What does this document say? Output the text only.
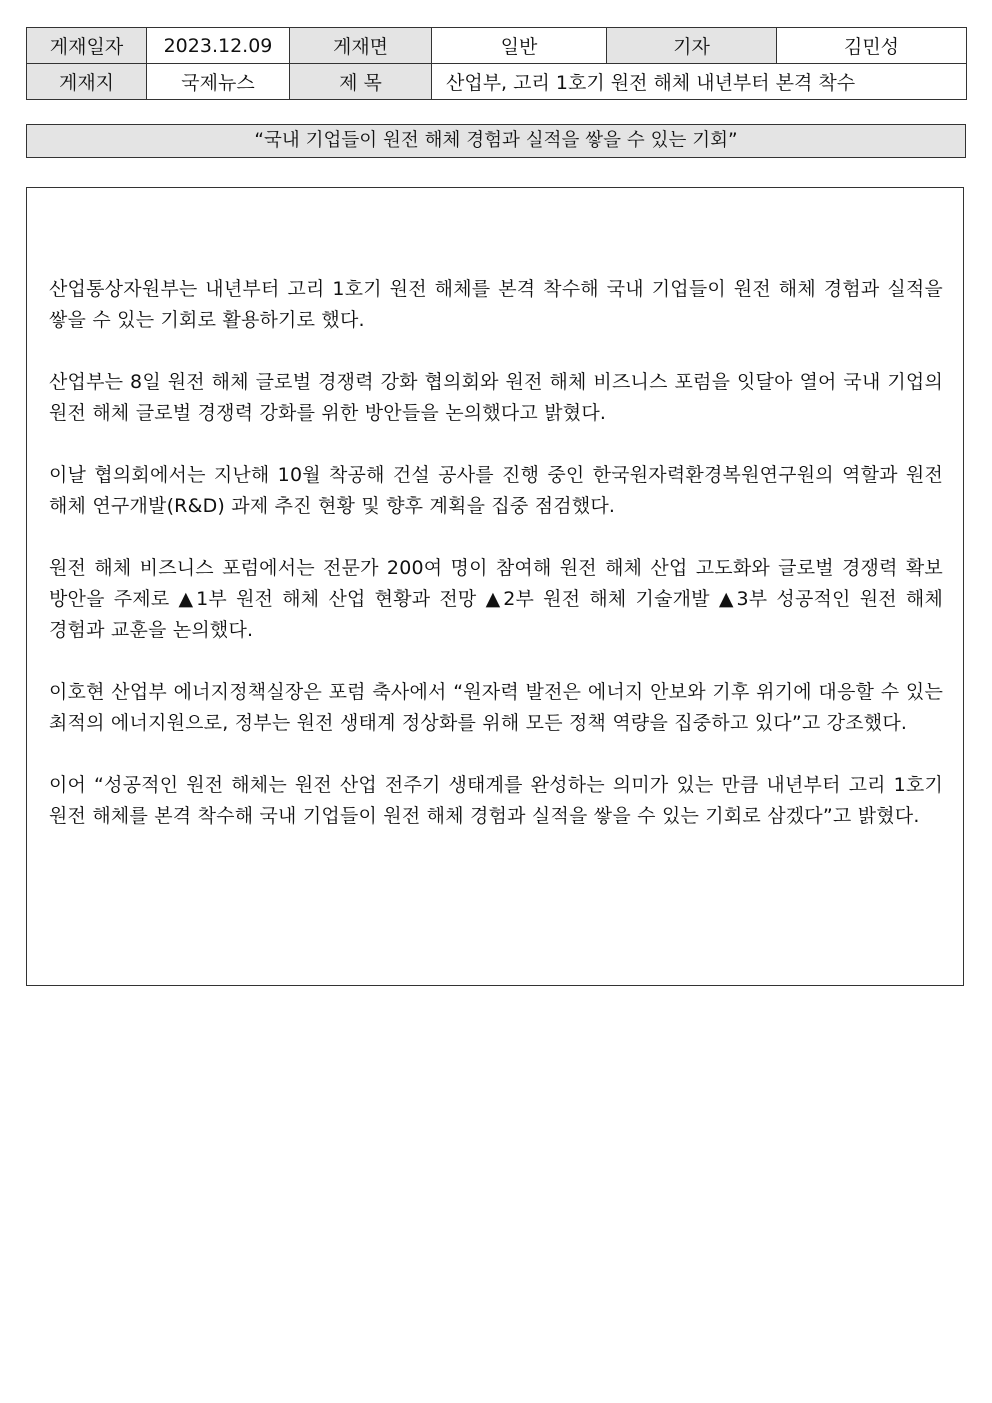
게재일자	2023.12.09	게재면	일반	기자	김민성
게재지	국제뉴스	제 목	산업부, 고리 1호기 원전 해체 내년부터 본격 착수		
“국내 기업들이 원전 해체 경험과 실적을 쌓을 수 있는 기회”

산업통상자원부는 내년부터 고리 1호기 원전 해체를 본격 착수해 국내 기업들이 원전 해체 경험과 실적을 쌓을 수 있는 기회로 활용하기로 했다.

산업부는 8일 원전 해체 글로벌 경쟁력 강화 협의회와 원전 해체 비즈니스 포럼을 잇달아 열어 국내 기업의 원전 해체 글로벌 경쟁력 강화를 위한 방안들을 논의했다고 밝혔다.

이날 협의회에서는 지난해 10월 착공해 건설 공사를 진행 중인 한국원자력환경복원연구원의 역할과 원전 해체 연구개발(R&D) 과제 추진 현황 및 향후 계획을 집중 점검했다.

원전 해체 비즈니스 포럼에서는 전문가 200여 명이 참여해 원전 해체 산업 고도화와 글로벌 경쟁력 확보 방안을 주제로 ▲1부 원전 해체 산업 현황과 전망 ▲2부 원전 해체 기술개발 ▲3부 성공적인 원전 해체 경험과 교훈을 논의했다.

이호현 산업부 에너지정책실장은 포럼 축사에서 “원자력 발전은 에너지 안보와 기후 위기에 대응할 수 있는 최적의 에너지원으로, 정부는 원전 생태계 정상화를 위해 모든 정책 역량을 집중하고 있다”고 강조했다.

이어 “성공적인 원전 해체는 원전 산업 전주기 생태계를 완성하는 의미가 있는 만큼 내년부터 고리 1호기 원전 해체를 본격 착수해 국내 기업들이 원전 해체 경험과 실적을 쌓을 수 있는 기회로 삼겠다”고 밝혔다.
